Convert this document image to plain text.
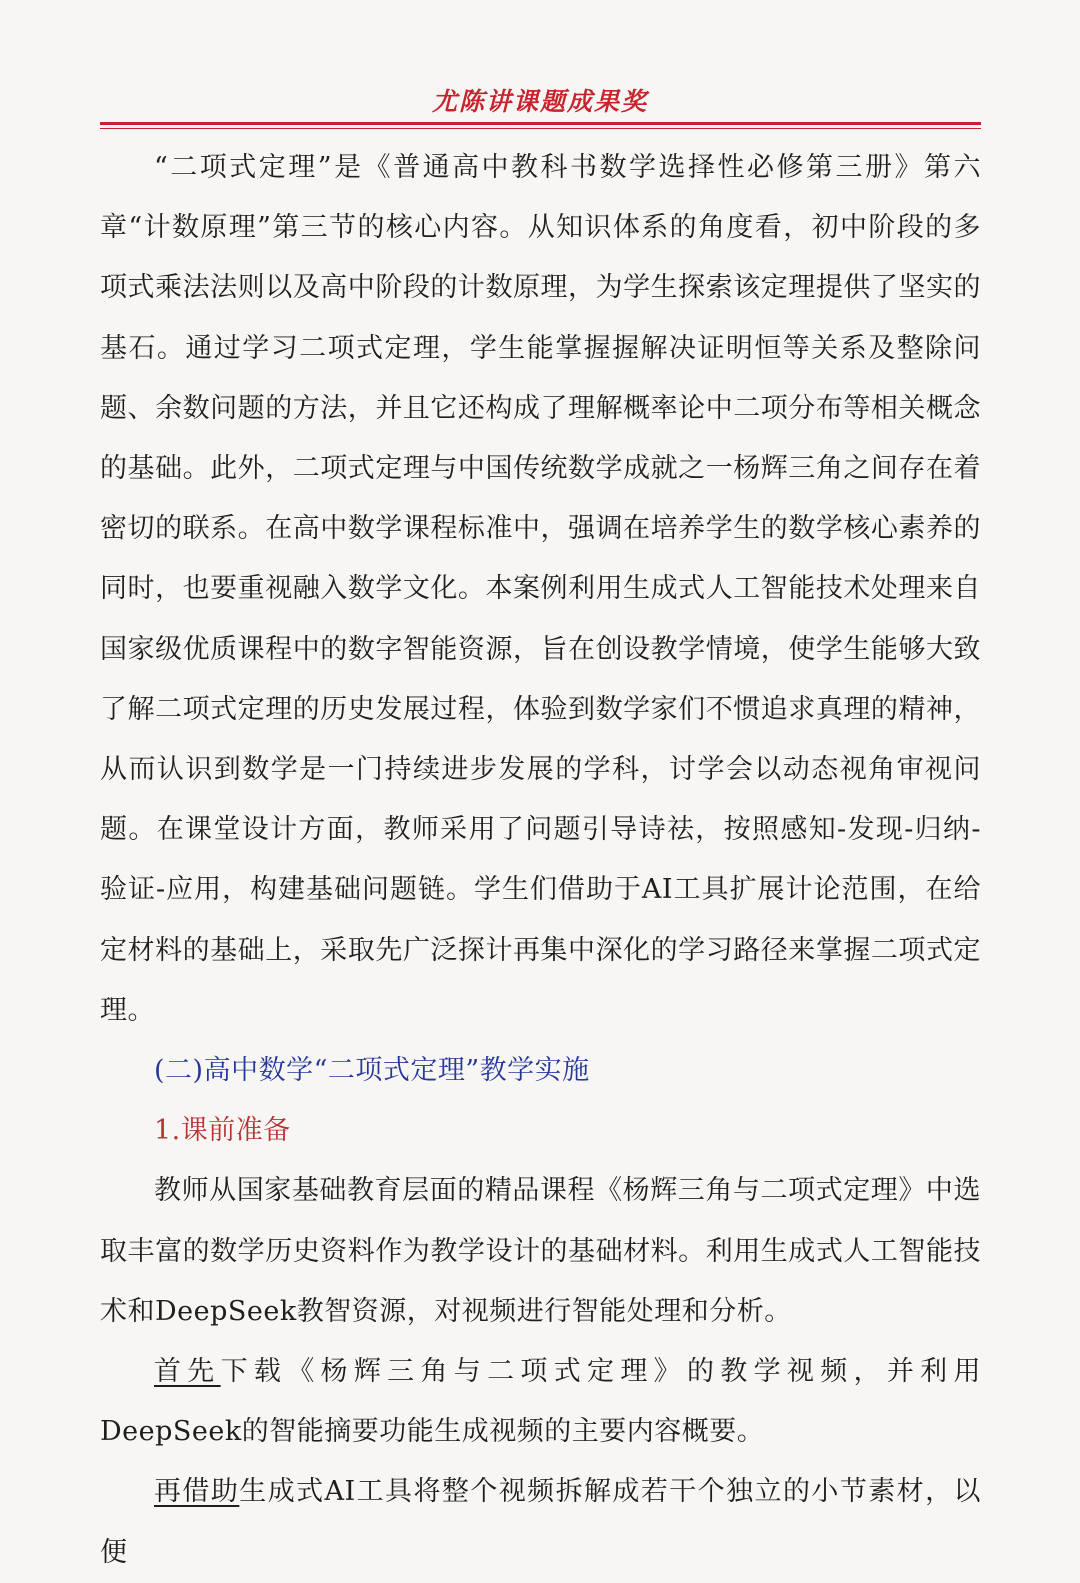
尤陈讲课题成果奖

“二项式定理”是《普通高中教科书数学选择性必修第三册》第六章“计数原理”第三节的核心内容。从知识体系的角度看，初中阶段的多项式乘法法则以及高中阶段的计数原理，为学生探索该定理提供了坚实的基石。通过学习二项式定理，学生能掌握握解决证明恒等关系及整除问题、余数问题的方法，并且它还构成了理解概率论中二项分布等相关概念的基础。此外，二项式定理与中国传统数学成就之一杨辉三角之间存在着密切的联系。在高中数学课程标准中，强调在培养学生的数学核心素养的同时，也要重视融入数学文化。本案例利用生成式人工智能技术处理来自国家级优质课程中的数字智能资源，旨在创设教学情境，使学生能够大致了解二项式定理的历史发展过程，体验到数学家们不惯追求真理的精神，从而认识到数学是一门持续进步发展的学科，讨学会以动态视角审视问题。在课堂设计方面，教师采用了问题引导诗祛，按照感知-发现-归纳-验证-应用，构建基础问题链。学生们借助于AI工具扩展计论范围，在给定材料的基础上，采取先广泛探计再集中深化的学习路径来掌握二项式定理。

(二)高中数学“二项式定理”教学实施

1.课前准备

教师从国家基础教育层面的精品课程《杨辉三角与二项式定理》中选取丰富的数学历史资料作为教学设计的基础材料。利用生成式人工智能技术和DeepSeek教智资源，对视频进行智能处理和分析。

首先下载《杨辉三角与二项式定理》的教学视频，并利用DeepSeek的智能摘要功能生成视频的主要内容概要。

再借助生成式AI工具将整个视频拆解成若干个独立的小节素材，以便
